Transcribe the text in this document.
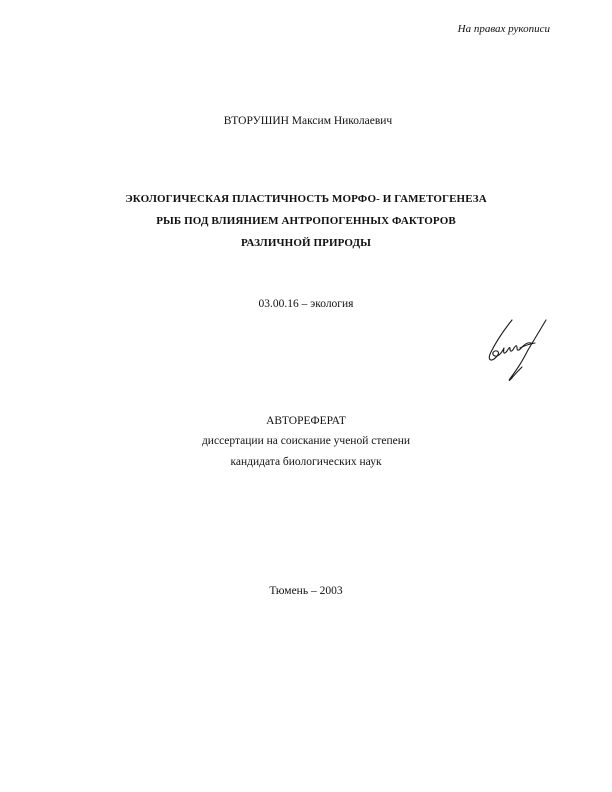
На правах рукописи
ВТОРУШИН Максим Николаевич
ЭКОЛОГИЧЕСКАЯ ПЛАСТИЧНОСТЬ МОРФО- И ГАМЕТОГЕНЕЗА
РЫБ ПОД ВЛИЯНИЕМ АНТРОПОГЕННЫХ ФАКТОРОВ
РАЗЛИЧНОЙ ПРИРОДЫ
03.00.16 – экология
АВТОРЕФЕРАТ
диссертации на соискание ученой степени
кандидата биологических наук
Тюмень – 2003
